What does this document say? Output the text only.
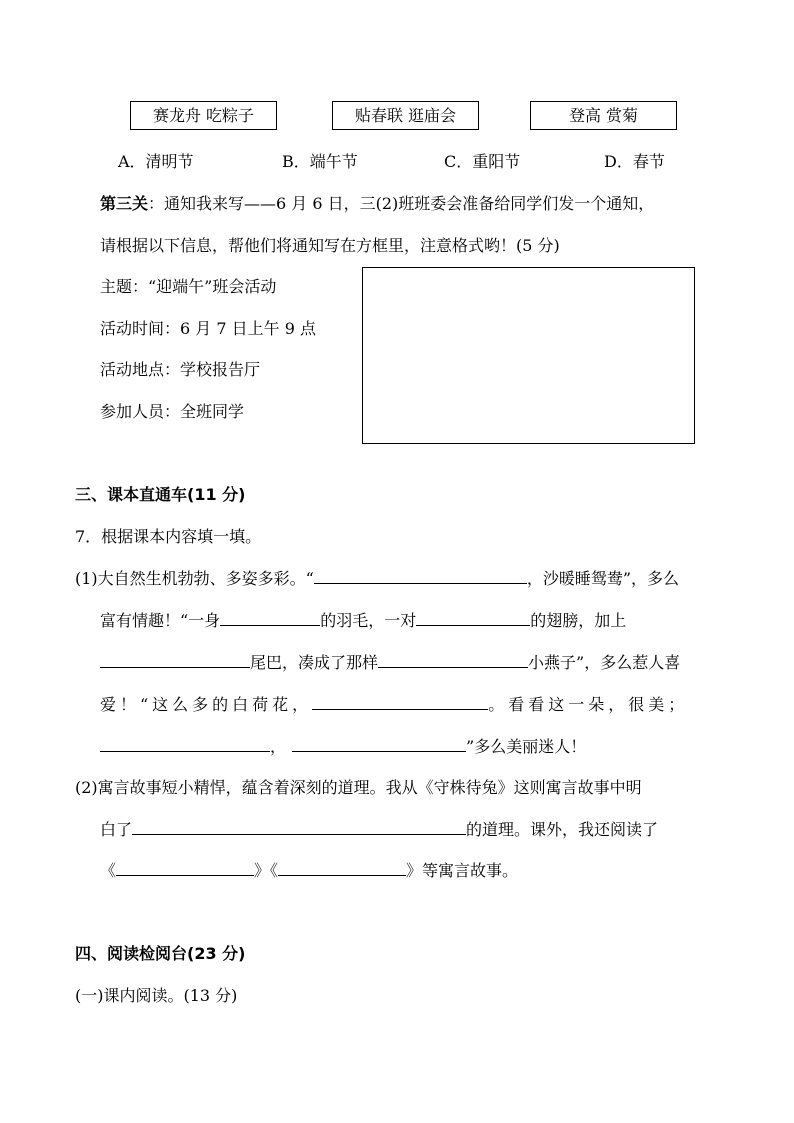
赛龙舟 吃粽子	贴春联 逛庙会	登高 赏菊
A．清明节	B．端午节	C．重阳节	D．春节
第三关：通知我来写——6 月 6 日，三(2)班班委会准备给同学们发一个通知，
请根据以下信息，帮他们将通知写在方框里，注意格式哟！(5 分)
主题：“迎端午”班会活动
活动时间：6 月 7 日上午 9 点
活动地点：学校报告厅
参加人员：全班同学
三、课本直通车(11 分)
7．根据课本内容填一填。
(1)大自然生机勃勃、多姿多彩。“	，沙暖睡鸳鸯”，多么
富有情趣！“一身	的羽毛，一对	的翅膀，加上
尾巴，凑成了那样	小燕子”，多么惹人喜
爱！“这么多的白荷花，	。看看这一朵，很美；
，	”多么美丽迷人！
(2)寓言故事短小精悍，蕴含着深刻的道理。我从《守株待兔》这则寓言故事中明
白了	的道理。课外，我还阅读了
《	》《	》等寓言故事。
四、阅读检阅台(23 分)
(一)课内阅读。(13 分)
